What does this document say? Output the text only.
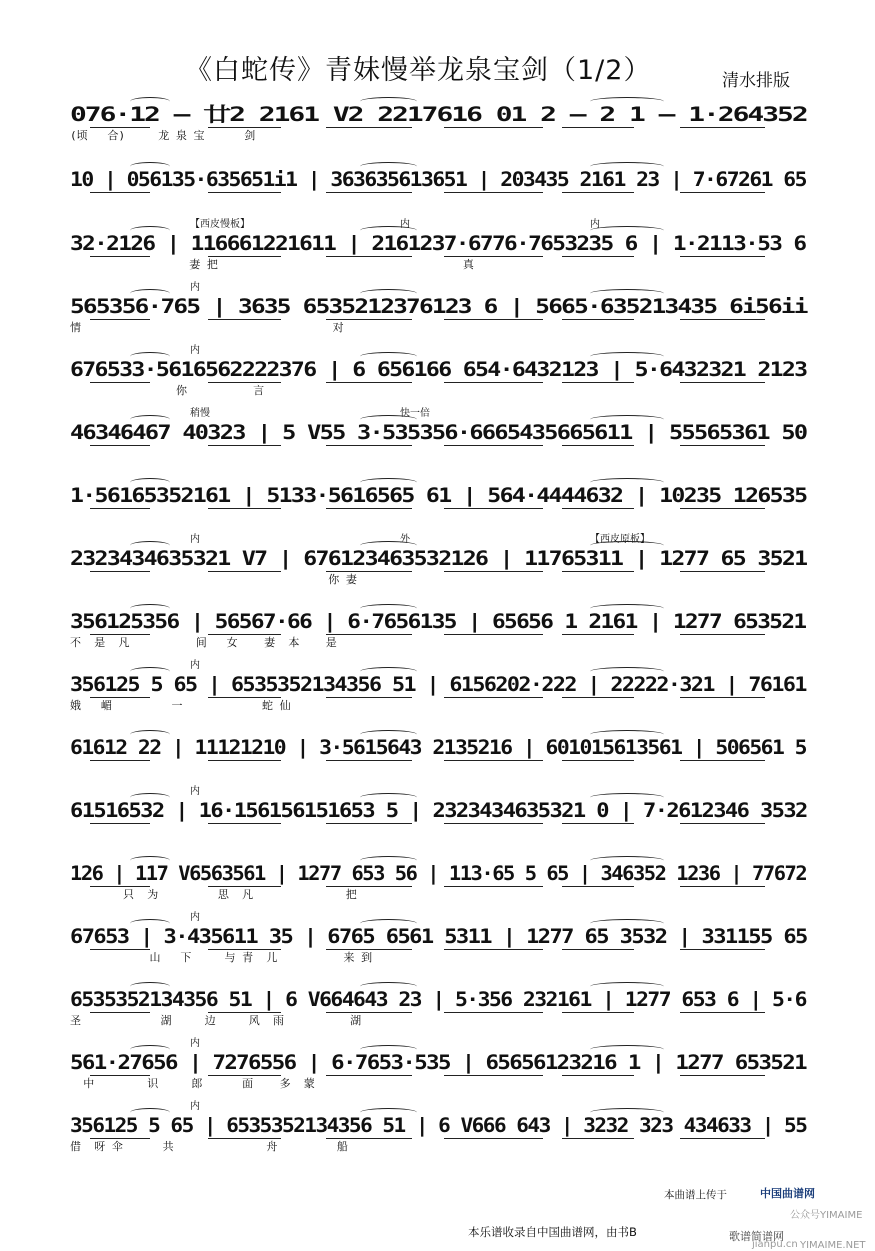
《白蛇传》青妹慢举龙泉宝剑（1/2）	清水排版
076·12 – 廿2 2161 V2 2217616 01 2 – 2 1 – 1·264352
(顷   合)     龙 泉 宝      剑
10 | 056135·635651i1 | 363635613651 | 203435 2161 23 | 7·67261 65
32·2126 | 116661221611 | 2161237·6776·7653235 6 | 1·2113·53 6
妻 把                                     真
【西皮慢板】	内	内
565356·765 | 3635 6535212376123 6 | 5665·635213435 6i56ii
情                                      对
内
676533·5616562222376 | 6 656166 654·6432123 | 5·6432321 2123
你          言
内
46346467 40323 | 5 V55 3·535356·6665435665611 | 55565361 50
稍慢	快一倍
1·56165352161 | 5133·5616565 61 | 564·4444632 | 10235 126535
2323434635321 V7 | 676123463532126 | 11765311 | 1277 65 3521
你 妻
内	外	【西皮原板】
356125356 | 56567·66 | 6·7656135 | 65656 1 2161 | 1277 653521
不  是  凡          间   女    妻  本    是
356125 5 65 | 6535352134356 51 | 6156202·222 | 22222·321 | 76161
娥   嵋         一            蛇 仙
内
61612 22 | 11121210 | 3·5615643 2135216 | 601015613561 | 506561 5
61516532 | 16·156156151653 5 | 2323434635321 0 | 7·2612346 3532
内
126 | 117 V6563561 | 1277 653 56 | 113·65 5 65 | 346352 1236 | 77672
只  为         思  凡              把
67653 | 3·435611 35 | 6765 6561 5311 | 1277 65 3532 | 331155 65
山   下     与 青  儿          来 到
内
6535352134356 51 | 6 V664643 23 | 5·356 232161 | 1277 653 6 | 5·6
圣            湖     边     风  雨          湖
561·27656 | 7276556 | 6·7653·535 | 65656123216 1 | 1277 653521
中        识     郎      面    多  蒙
内
356125 5 65 | 6535352134356 51 | 6 V666 643 | 3232 323 434633 | 55
借  呀 伞      共              舟         船
内
本曲谱上传于	中国曲谱网
本乐谱收录自中国曲谱网，由书B	歌谱简谱网
公众号YIMAIME
jianpu.cn YIMAIME.NET
